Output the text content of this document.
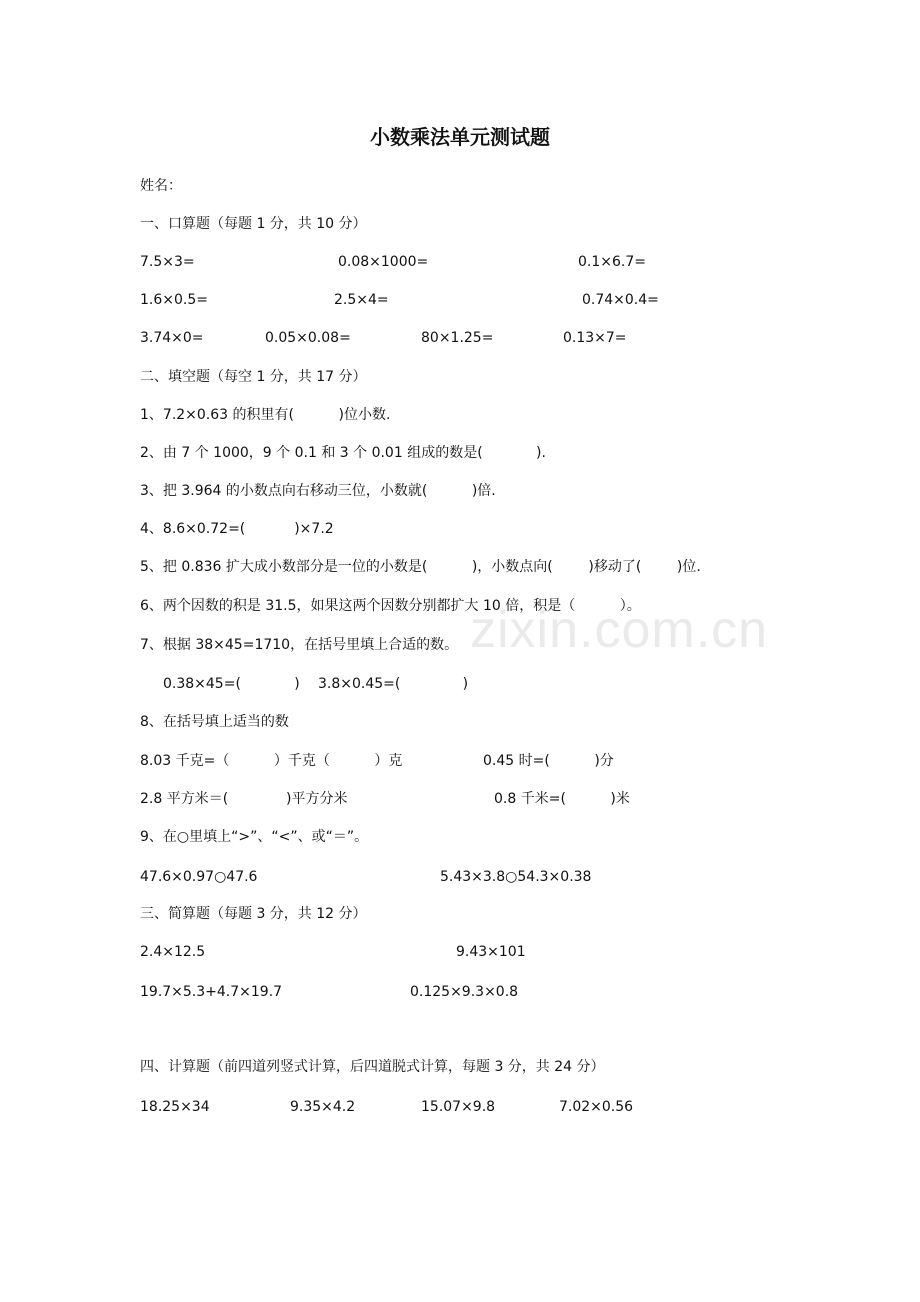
zixin.com.cn
小数乘法单元测试题
姓名：
一、口算题（每题 1 分，共 10 分）
7.5×3=	0.08×1000=	0.1×6.7=
1.6×0.5=	2.5×4=	0.74×0.4=
3.74×0=	0.05×0.08=	80×1.25=	0.13×7=
二、填空题（每空 1 分，共 17 分）
1、7.2×0.63 的积里有(          )位小数.
2、由 7 个 1000，9 个 0.1 和 3 个 0.01 组成的数是(            ).
3、把 3.964 的小数点向右移动三位，小数就(          )倍.
4、8.6×0.72=(           )×7.2
5、把 0.836 扩大成小数部分是一位的小数是(          )，小数点向(        )移动了(        )位.
6、两个因数的积是 31.5，如果这两个因数分别都扩大 10 倍，积是（          ）。
7、根据 38×45=1710，在括号里填上合适的数。
0.38×45=(            ) 3.8×0.45=(              )
8、在括号填上适当的数
8.03 千克=（          ）千克（          ）克	0.45 时=(          )分
2.8 平方米＝(             )平方分米	0.8 千米=(          )米
9、在○里填上“>”、“<”、或“＝”。
47.6×0.97○47.6	5.43×3.8○54.3×0.38
三、简算题（每题 3 分，共 12 分）
2.4×12.5	9.43×101
19.7×5.3+4.7×19.7	0.125×9.3×0.8
四、计算题（前四道列竖式计算，后四道脱式计算，每题 3 分，共 24 分）
18.25×34	9.35×4.2	15.07×9.8	7.02×0.56
